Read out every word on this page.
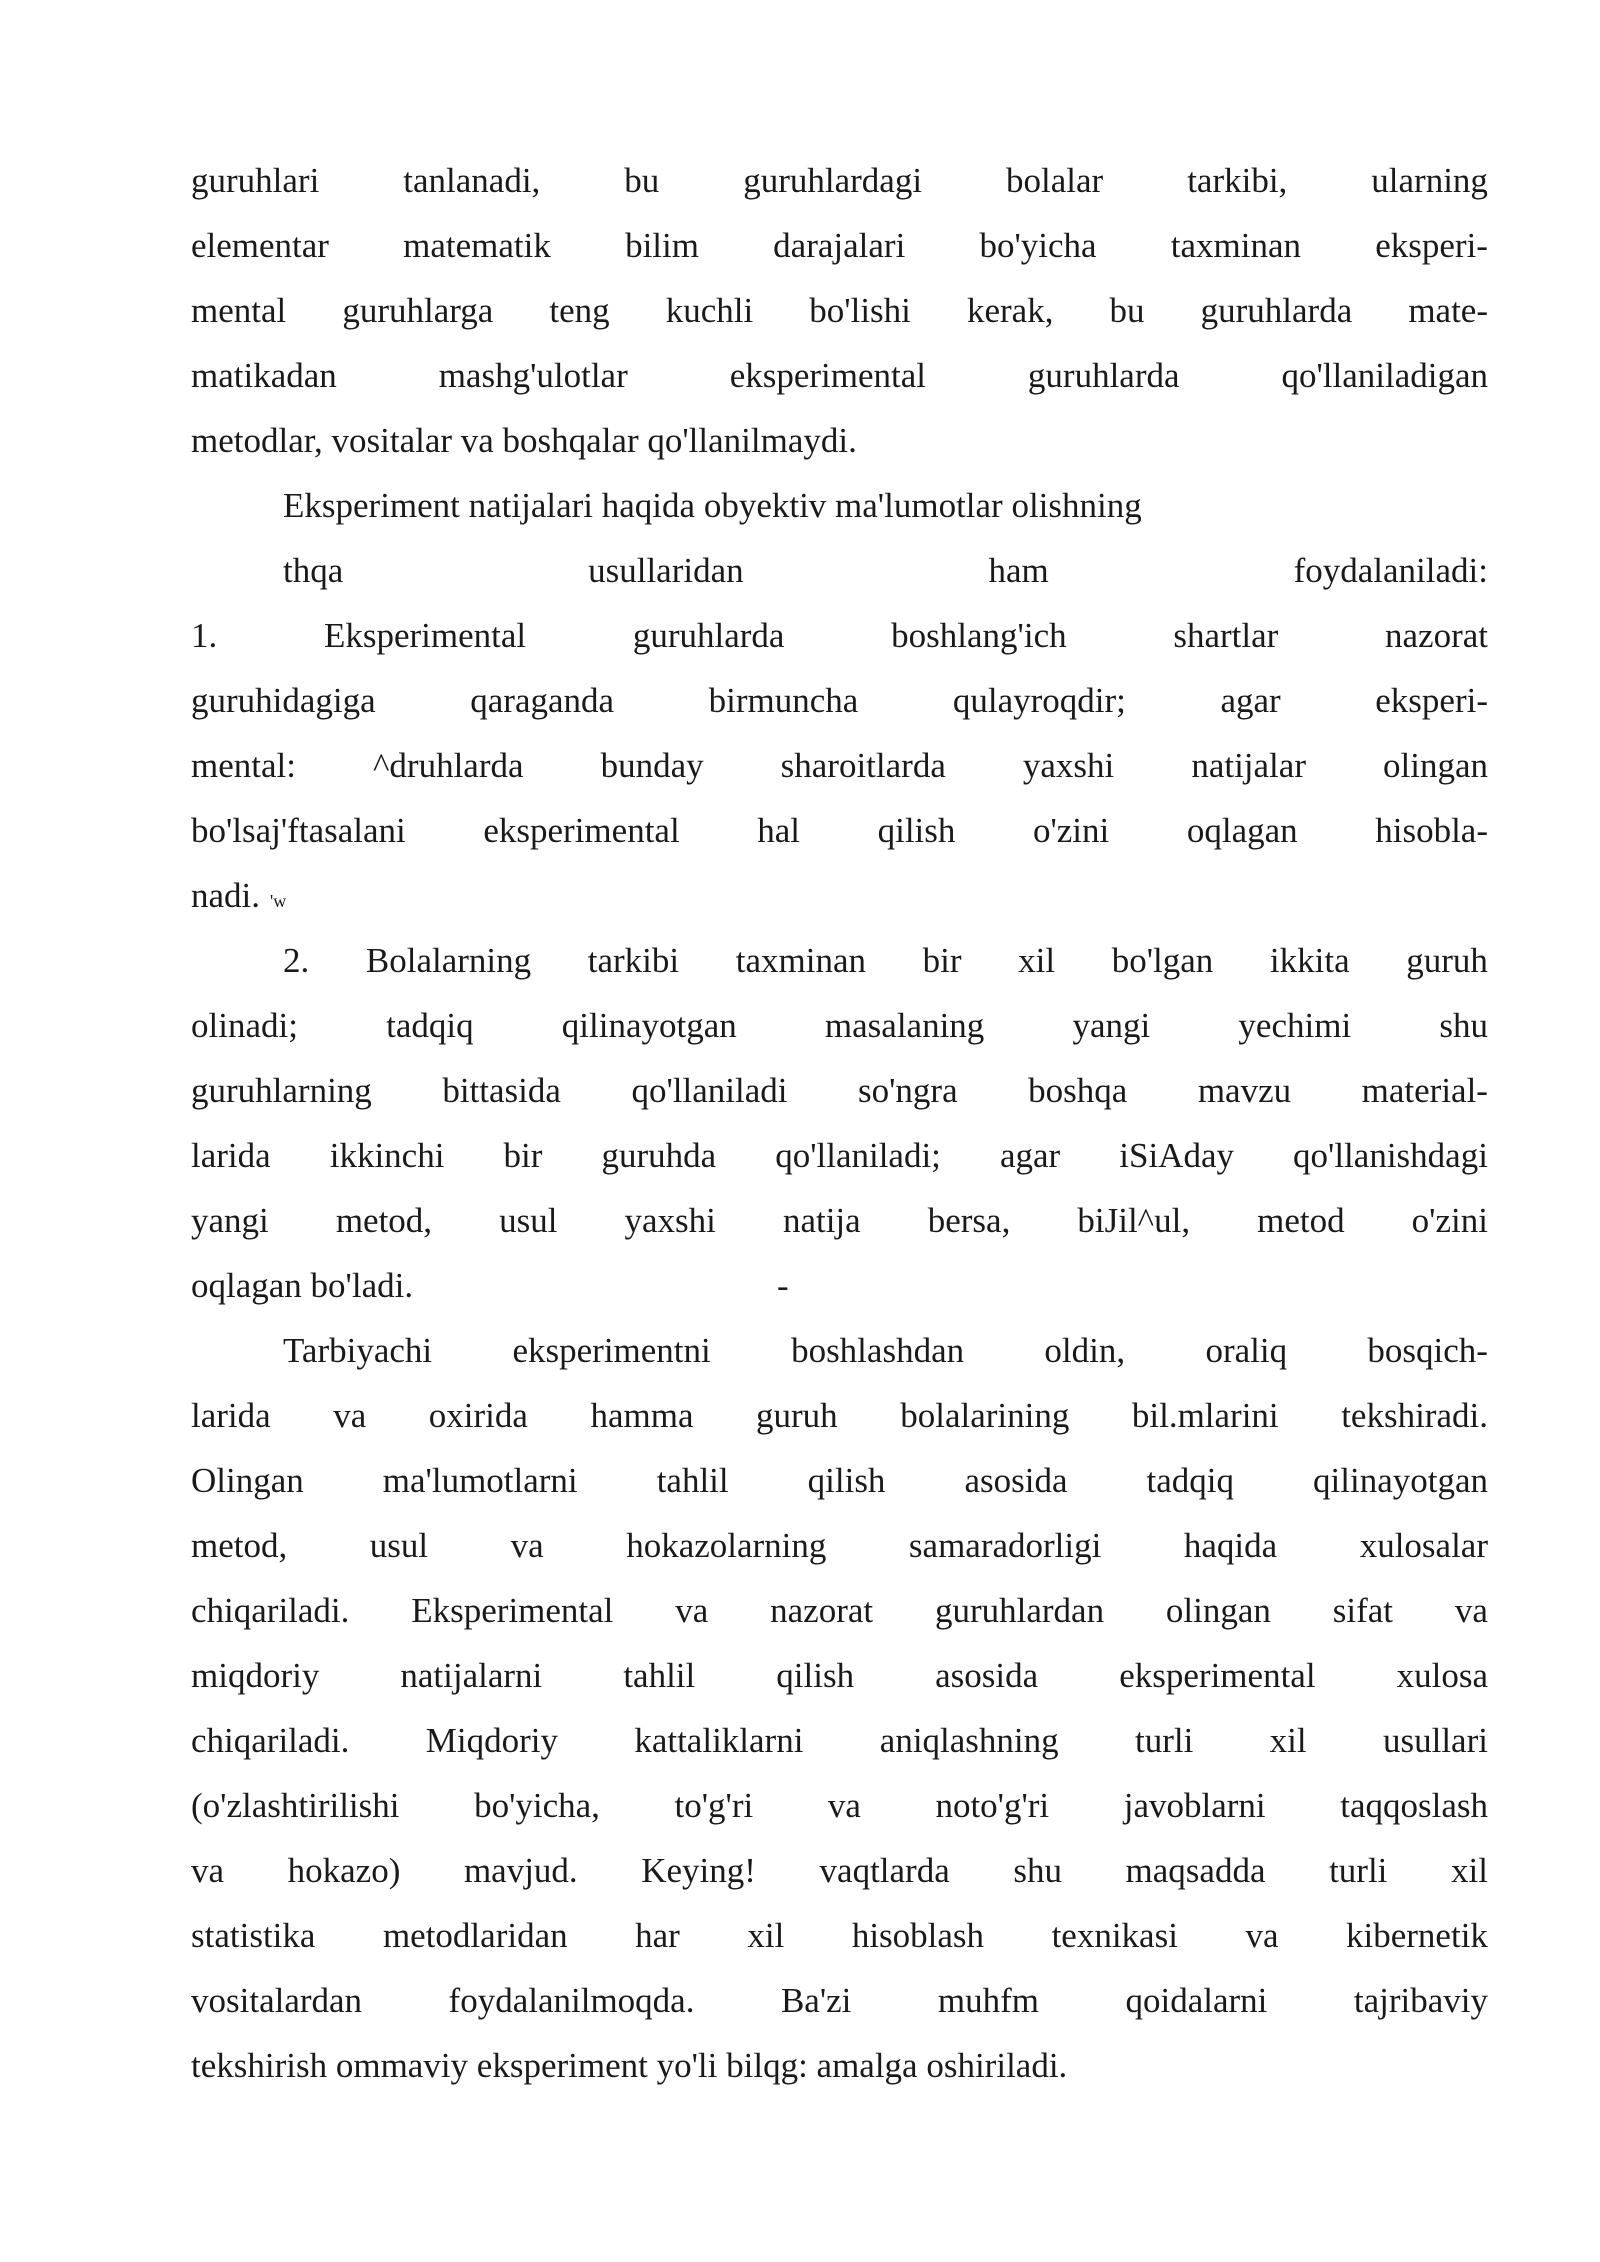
guruhlari tanlanadi, bu guruhlardagi bolalar tarkibi, ularning
elementar matematik bilim darajalari bo'yicha taxminan eksperi-
mental guruhlarga teng kuchli bo'lishi kerak, bu guruhlarda mate-
matikadan	mashg'ulotlar	eksperimental	guruhlarda	qo'llaniladigan
metodlar, vositalar va boshqalar qo'llanilmaydi.
Eksperiment natijalari haqida obyektiv ma'lumotlar olishning
thqa	usullaridan	ham	foydalaniladi:
1.	Eksperimental	guruhlarda	boshlang'ich	shartlar	nazorat
guruhidagiga	qaraganda	birmuncha	qulayroqdir;	agar	eksperi-
mental: ^druhlarda bunday sharoitlarda yaxshi natijalar olingan
bo'lsaj'ftasalani eksperimental hal qilish o'zini oqlagan hisobla-
nadi. 'w
2. Bolalarning tarkibi taxminan bir xil bo'lgan ikkita guruh
olinadi;	tadqiq	qilinayotgan	masalaning	yangi	yechimi	shu
guruhlarning bittasida qo'llaniladi so'ngra boshqa mavzu material-
larida ikkinchi bir guruhda qo'llaniladi; agar iSiAday qo'llanishdagi
yangi metod, usul yaxshi natija bersa, biJil^ul, metod o'zini
oqlagan bo'ladi.	-
Tarbiyachi eksperimentni boshlashdan oldin, oraliq bosqich-
larida va oxirida hamma guruh bolalarining bil.mlarini tekshiradi.
Olingan ma'lumotlarni tahlil qilish asosida tadqiq qilinayotgan
metod, usul va hokazolarning samaradorligi haqida xulosalar
chiqariladi. Eksperimental va nazorat guruhlardan olingan sifat va
miqdoriy natijalarni tahlil qilish asosida eksperimental xulosa
chiqariladi. Miqdoriy kattaliklarni aniqlashning turli xil usullari
(o'zlashtirilishi bo'yicha, to'g'ri va noto'g'ri javoblarni taqqoslash
va hokazo) mavjud. Keying! vaqtlarda shu maqsadda turli xil
statistika metodlaridan har xil hisoblash texnikasi va kibernetik
vositalardan foydalanilmoqda. Ba'zi muhfm qoidalarni tajribaviy
tekshirish ommaviy eksperiment yo'li bilqg: amalga oshiriladi.
